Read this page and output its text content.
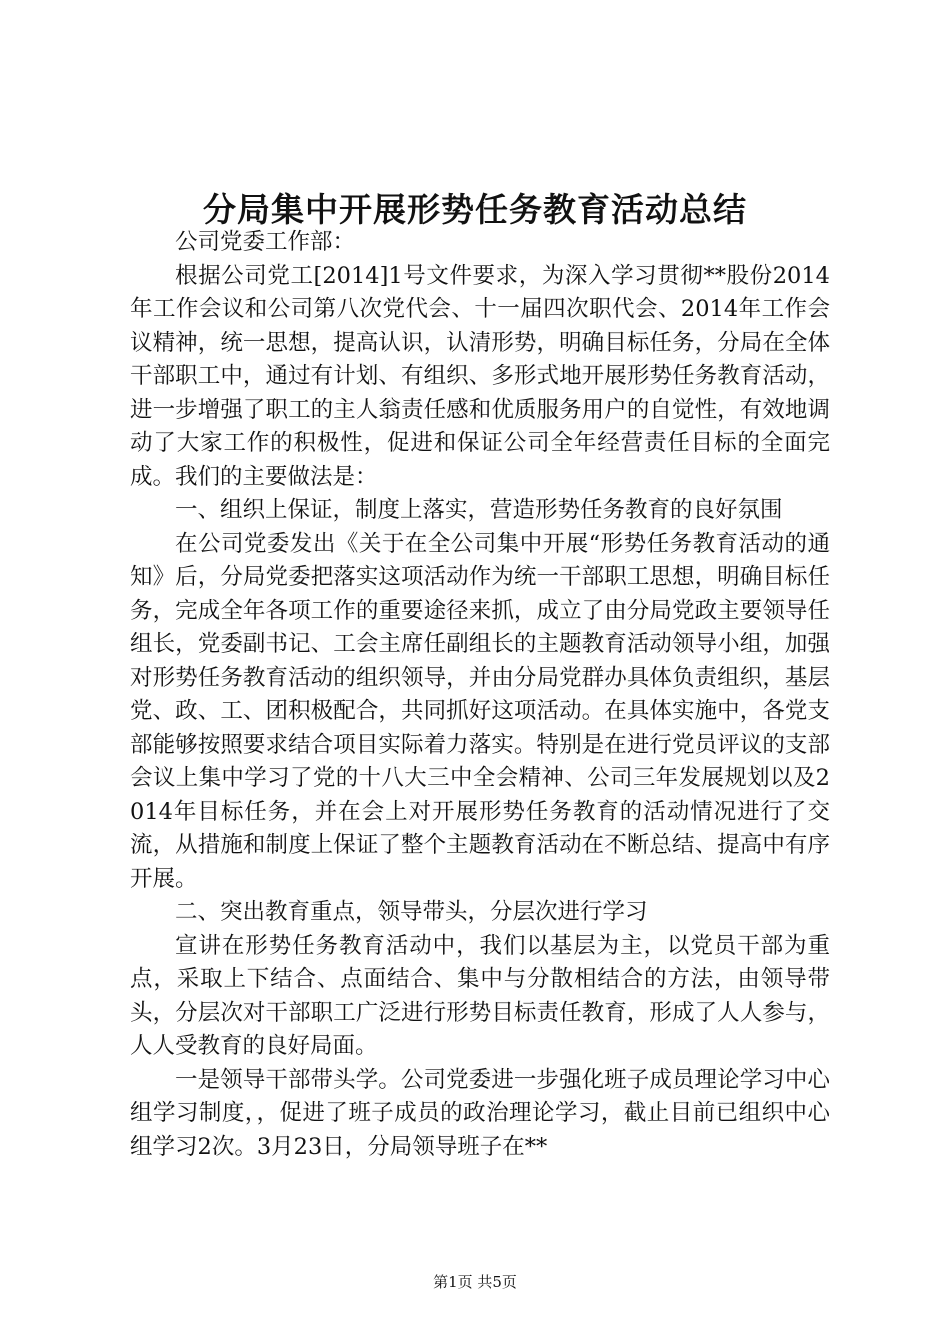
分局集中开展形势任务教育活动总结

公司党委工作部：

根据公司党工[2014]1号文件要求，为深入学习贯彻**股份2014年工作会议和公司第八次党代会、十一届四次职代会、2014年工作会议精神，统一思想，提高认识，认清形势，明确目标任务，分局在全体干部职工中，通过有计划、有组织、多形式地开展形势任务教育活动，进一步增强了职工的主人翁责任感和优质服务用户的自觉性，有效地调动了大家工作的积极性，促进和保证公司全年经营责任目标的全面完成。我们的主要做法是：

一、组织上保证，制度上落实，营造形势任务教育的良好氛围

在公司党委发出《关于在全公司集中开展“形势任务教育活动的通知》后，分局党委把落实这项活动作为统一干部职工思想，明确目标任务，完成全年各项工作的重要途径来抓，成立了由分局党政主要领导任组长，党委副书记、工会主席任副组长的主题教育活动领导小组，加强对形势任务教育活动的组织领导，并由分局党群办具体负责组织，基层党、政、工、团积极配合，共同抓好这项活动。在具体实施中，各党支部能够按照要求结合项目实际着力落实。特别是在进行党员评议的支部会议上集中学习了党的十八大三中全会精神、公司三年发展规划以及2014年目标任务，并在会上对开展形势任务教育的活动情况进行了交流，从措施和制度上保证了整个主题教育活动在不断总结、提高中有序开展。

二、突出教育重点，领导带头，分层次进行学习

宣讲在形势任务教育活动中，我们以基层为主，以党员干部为重点，采取上下结合、点面结合、集中与分散相结合的方法，由领导带头，分层次对干部职工广泛进行形势目标责任教育，形成了人人参与，人人受教育的良好局面。

一是领导干部带头学。公司党委进一步强化班子成员理论学习中心组学习制度，，促进了班子成员的政治理论学习，截止目前已组织中心组学习2次。3月23日，分局领导班子在**

第1页 共5页
